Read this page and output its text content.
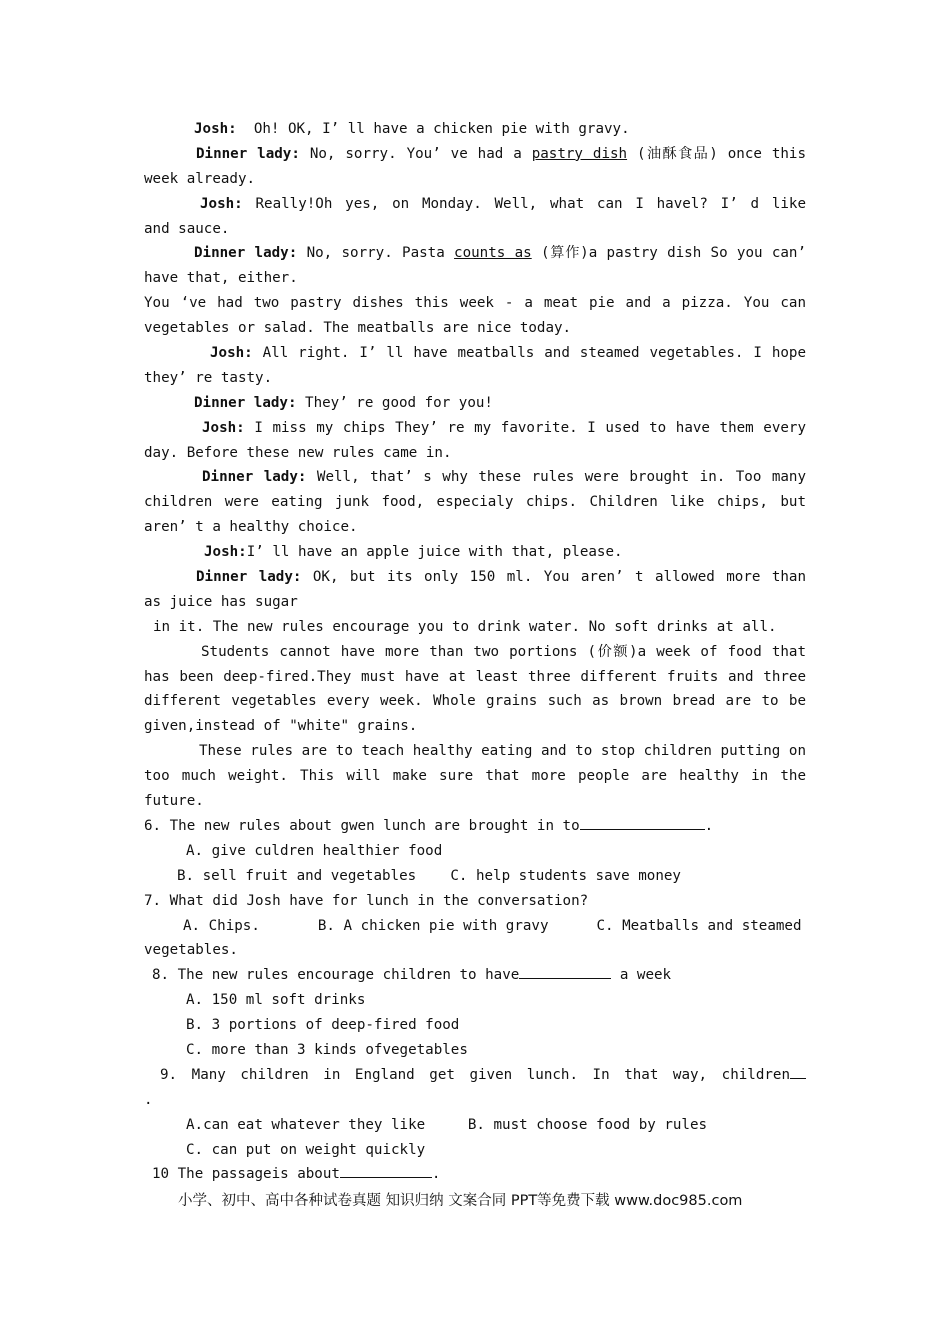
Josh: Oh! OK, I’ ll have a chicken pie with gravy.
Dinner lady: No, sorry. You’ ve had a pastry dish (油酥食品) once this
week already.
Josh: Really!Oh yes, on Monday. Well, what can I havel? I’ d like
and sauce.
Dinner lady: No, sorry. Pasta counts as (算作)a pastry dish So you can’
have that, either.
You ‘ve had two pastry dishes this week - a meat pie and a pizza. You can
vegetables or salad. The meatballs are nice today.
Josh: All right. I’ ll have meatballs and steamed vegetables. I hope
they’ re tasty.
Dinner lady: They’ re good for you!
Josh: I miss my chips They’ re my favorite. I used to have them every
day. Before these new rules came in.
Dinner lady: Well, that’ s why these rules were brought in. Too many
children were eating junk food, especialy chips. Children like chips, but
aren’ t a healthy choice.
Josh:I’ ll have an apple juice with that, please.
Dinner lady: OK, but its only 150 ml. You aren’ t allowed more than
as juice has sugar
in it. The new rules encourage you to drink water. No soft drinks at all.
Students cannot have more than two portions (价额)a week of food that
has been deep-fired.They must have at least three different fruits and three
different vegetables every week. Whole grains such as brown bread are to be
given,instead of "white" grains.
These rules are to teach healthy eating and to stop children putting on
too much weight. This will make sure that more people are healthy in the
future.
6. The new rules about gwen lunch are brought in to	.
A. give culdren healthier food
B. sell fruit and vegetables C. help students save money
7. What did Josh have for lunch in the conversation?
A. Chips.	B. A chicken pie with gravy	C. Meatballs and steamed
vegetables.
8. The new rules encourage children to have	a week
A. 150 ml soft drinks
B. 3 portions of deep-fired food
C. more than 3 kinds ofvegetables
9. Many children in England get given lunch. In that way, children
.
A.can eat whatever they like	B. must choose food by rules
C. can put on weight quickly
10 The passageis about	.
小学、初中、高中各种试卷真题 知识归纳 文案合同 PPT等免费下载 www.doc985.com
